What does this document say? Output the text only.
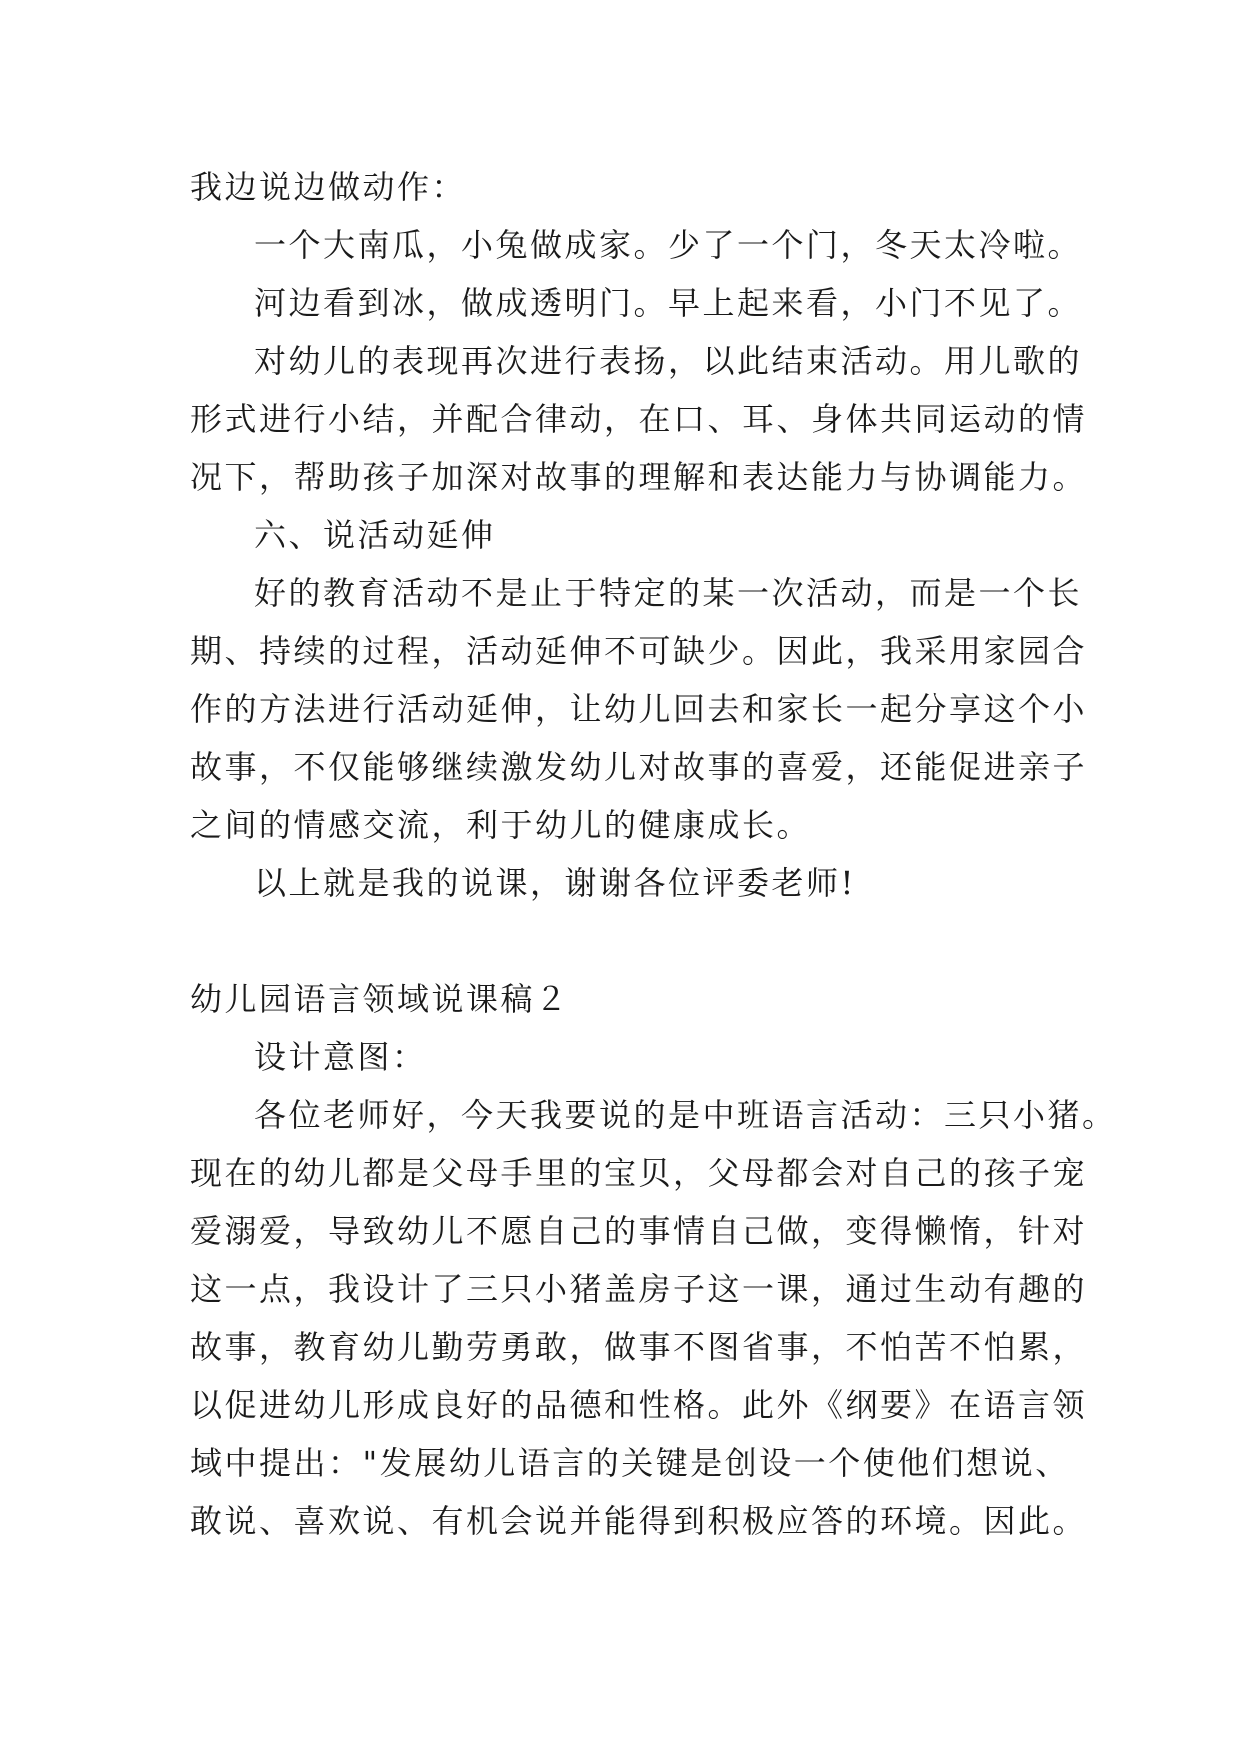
我边说边做动作：

一个大南瓜，小兔做成家。少了一个门，冬天太冷啦。

河边看到冰，做成透明门。早上起来看，小门不见了。

对幼儿的表现再次进行表扬，以此结束活动。用儿歌的

形式进行小结，并配合律动，在口、耳、身体共同运动的情

况下，帮助孩子加深对故事的理解和表达能力与协调能力。

六、说活动延伸

好的教育活动不是止于特定的某一次活动，而是一个长

期、持续的过程，活动延伸不可缺少。因此，我采用家园合

作的方法进行活动延伸，让幼儿回去和家长一起分享这个小

故事，不仅能够继续激发幼儿对故事的喜爱，还能促进亲子

之间的情感交流，利于幼儿的健康成长。

以上就是我的说课，谢谢各位评委老师!

幼儿园语言领域说课稿２

设计意图：

各位老师好，今天我要说的是中班语言活动：三只小猪。

现在的幼儿都是父母手里的宝贝，父母都会对自己的孩子宠

爱溺爱，导致幼儿不愿自己的事情自己做，变得懒惰，针对

这一点，我设计了三只小猪盖房子这一课，通过生动有趣的

故事，教育幼儿勤劳勇敢，做事不图省事，不怕苦不怕累，

以促进幼儿形成良好的品德和性格。此外《纲要》在语言领

域中提出："发展幼儿语言的关键是创设一个使他们想说、

敢说、喜欢说、有机会说并能得到积极应答的环境。因此。
